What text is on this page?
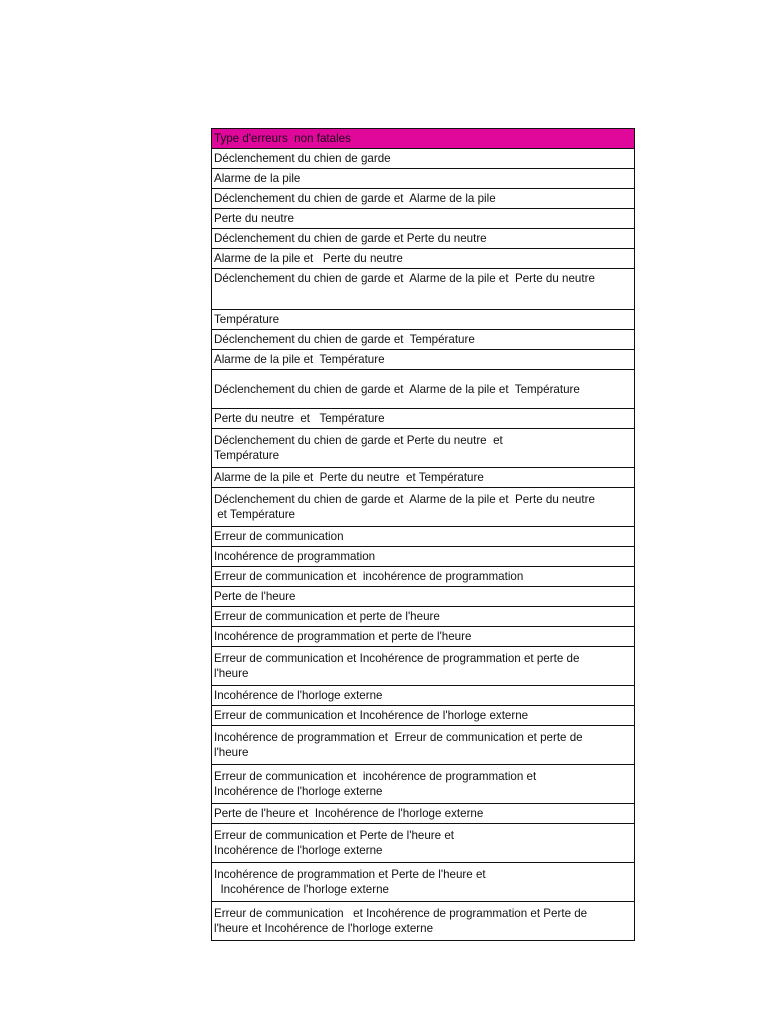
Type d'erreurs  non fatales
Déclenchement du chien de garde
Alarme de la pile
Déclenchement du chien de garde et  Alarme de la pile
Perte du neutre
Déclenchement du chien de garde et Perte du neutre
Alarme de la pile et   Perte du neutre
Déclenchement du chien de garde et  Alarme de la pile et  Perte du neutre
Température
Déclenchement du chien de garde et  Température
Alarme de la pile et  Température
Déclenchement du chien de garde et  Alarme de la pile et  Température
Perte du neutre  et   Température
Déclenchement du chien de garde et Perte du neutre  et
Température
Alarme de la pile et  Perte du neutre  et Température
Déclenchement du chien de garde et  Alarme de la pile et  Perte du neutre
et Température
Erreur de communication
Incohérence de programmation
Erreur de communication et  incohérence de programmation
Perte de l'heure
Erreur de communication et perte de l'heure
Incohérence de programmation et perte de l'heure
Erreur de communication et Incohérence de programmation et perte de
l'heure
Incohérence de l'horloge externe
Erreur de communication et Incohérence de l'horloge externe
Incohérence de programmation et  Erreur de communication et perte de
l'heure
Erreur de communication et  incohérence de programmation et
Incohérence de l'horloge externe
Perte de l'heure et  Incohérence de l'horloge externe
Erreur de communication et Perte de l'heure et
Incohérence de l'horloge externe
Incohérence de programmation et Perte de l'heure et
Incohérence de l'horloge externe
Erreur de communication   et Incohérence de programmation et Perte de
l'heure et Incohérence de l'horloge externe
